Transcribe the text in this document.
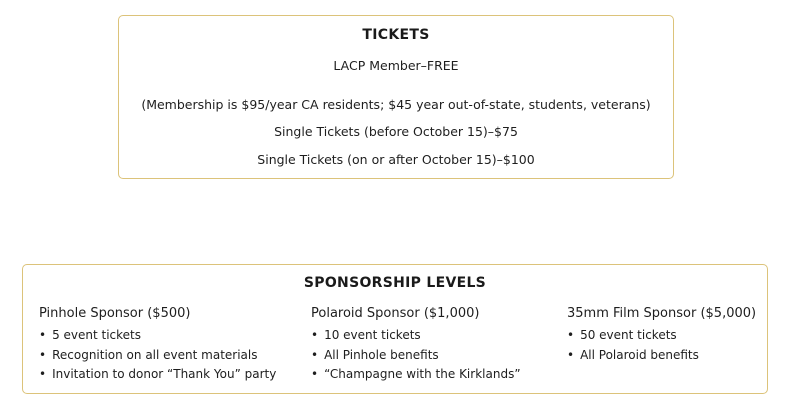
TICKETS
LACP Member–FREE
(Membership is $95/year CA residents; $45 year out-of-state, students, veterans)
Single Tickets (before October 15)–$75
Single Tickets (on or after October 15)–$100
SPONSORSHIP LEVELS
Pinhole Sponsor ($500)
• 5 event tickets
• Recognition on all event materials
• Invitation to donor “Thank You” party
Polaroid Sponsor ($1,000)
• 10 event tickets
• All Pinhole benefits
• “Champagne with the Kirklands”
35mm Film Sponsor ($5,000)
• 50 event tickets
• All Polaroid benefits
